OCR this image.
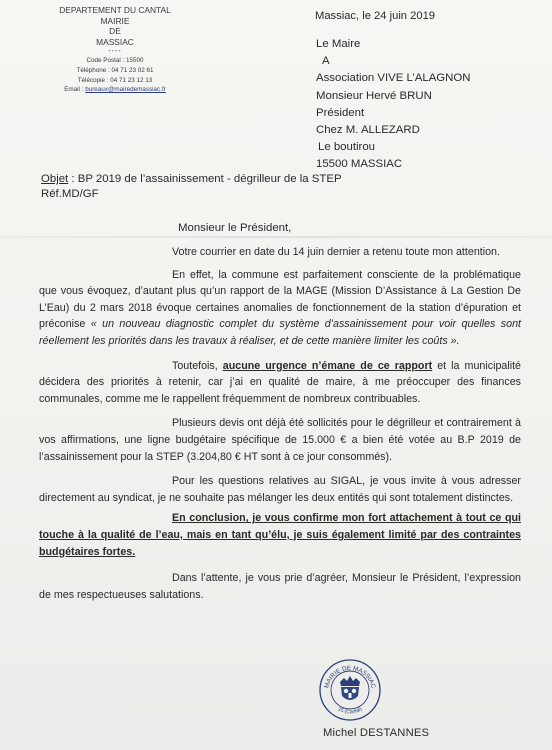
DEPARTEMENT DU CANTAL
MAIRIE
DE
MASSIAC
----
Code Postal : 15500
Téléphone : 04 71 23 02 61
Télécopie : 04 71 23 12 13
Email : bureaux@mairedemassiac.fr
Massiac, le 24 juin 2019
Le Maire
A
Association VIVE L’ALAGNON
Monsieur Hervé BRUN
Président
Chez M. ALLEZARD
Le boutirou
15500 MASSIAC
Objet : BP 2019 de l’assainissement - dégrilleur de la STEP
Réf.MD/GF
Monsieur le Président,

Votre courrier en date du 14 juin dernier a retenu toute mon attention.

En effet, la commune est parfaitement consciente de la problématique que vous évoquez, d’autant plus qu’un rapport de la MAGE (Mission D’Assistance à La Gestion De L’Eau) du 2 mars 2018 évoque certaines anomalies de fonctionnement de la station d’épuration et préconise « un nouveau diagnostic complet du système d’assainissement pour voir quelles sont réellement les priorités dans les travaux à réaliser, et de cette manière limiter les coûts ».

Toutefois, aucune urgence n’émane de ce rapport et la municipalité décidera des priorités à retenir, car j’ai en qualité de maire, à me préoccuper des finances communales, comme me le rappellent fréquemment de nombreux contribuables.

Plusieurs devis ont déjà été sollicités pour le dégrilleur et contrairement à vos affirmations, une ligne budgétaire spécifique de 15.000 € a bien été votée au B.P 2019 de l’assainissement pour la STEP (3.204,80 € HT sont à ce jour consommés).

Pour les questions relatives au SIGAL, je vous invite à vous adresser directement au syndicat, je ne souhaite pas mélanger les deux entités qui sont totalement distinctes.

En conclusion, je vous confirme mon fort attachement à tout ce qui touche à la qualité de l’eau, mais en tant qu’élu, je suis également limité par des contraintes budgétaires fortes.

Dans l’attente, je vous prie d’agréer, Monsieur le Président, l’expression de mes respectueuses salutations.

MAIRIE DE MASSIAC
15 (Cantal)
Michel DESTANNES
